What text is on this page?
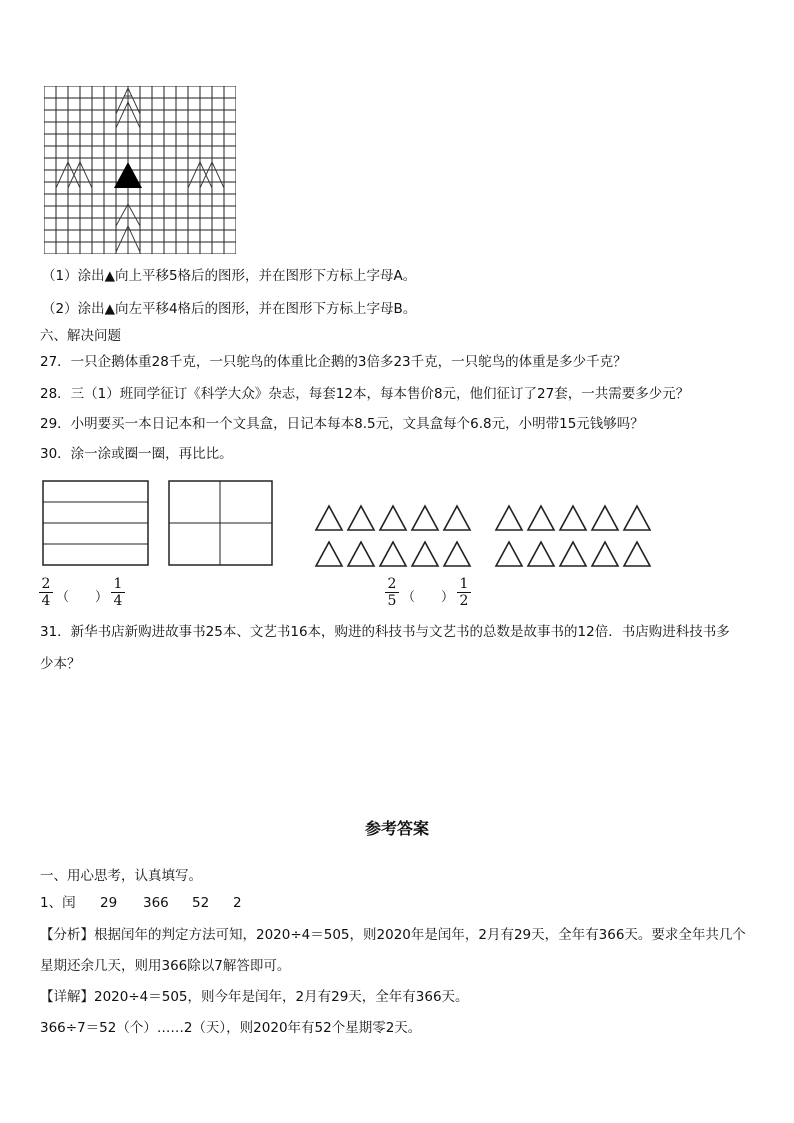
（1）涂出▲向上平移5格后的图形，并在图形下方标上字母A。
（2）涂出▲向左平移4格后的图形，并在图形下方标上字母B。
六、解决问题
27．一只企鹅体重28千克，一只鸵鸟的体重比企鹅的3倍多23千克，一只鸵鸟的体重是多少千克？
28．三（1）班同学征订《科学大众》杂志，每套12本，每本售价8元，他们征订了27套，一共需要多少元？
29．小明要买一本日记本和一个文具盒，日记本每本8.5元，文具盒每个6.8元，小明带15元钱够吗？
30．涂一涂或圈一圈，再比比。
2
4 （　　）
1
4
2
5 （　　）
1
2
31．新华书店新购进故事书25本、文艺书16本，购进的科技书与文艺书的总数是故事书的12倍．书店购进科技书多
少本？
参考答案
一、用心思考，认真填写。
1、闰 29 366 52 2
【分析】根据闰年的判定方法可知，2020÷4＝505，则2020年是闰年，2月有29天，全年有366天。要求全年共几个
星期还余几天，则用366除以7解答即可。
【详解】2020÷4＝505，则今年是闰年，2月有29天，全年有366天。
366÷7＝52（个）……2（天），则2020年有52个星期零2天。
